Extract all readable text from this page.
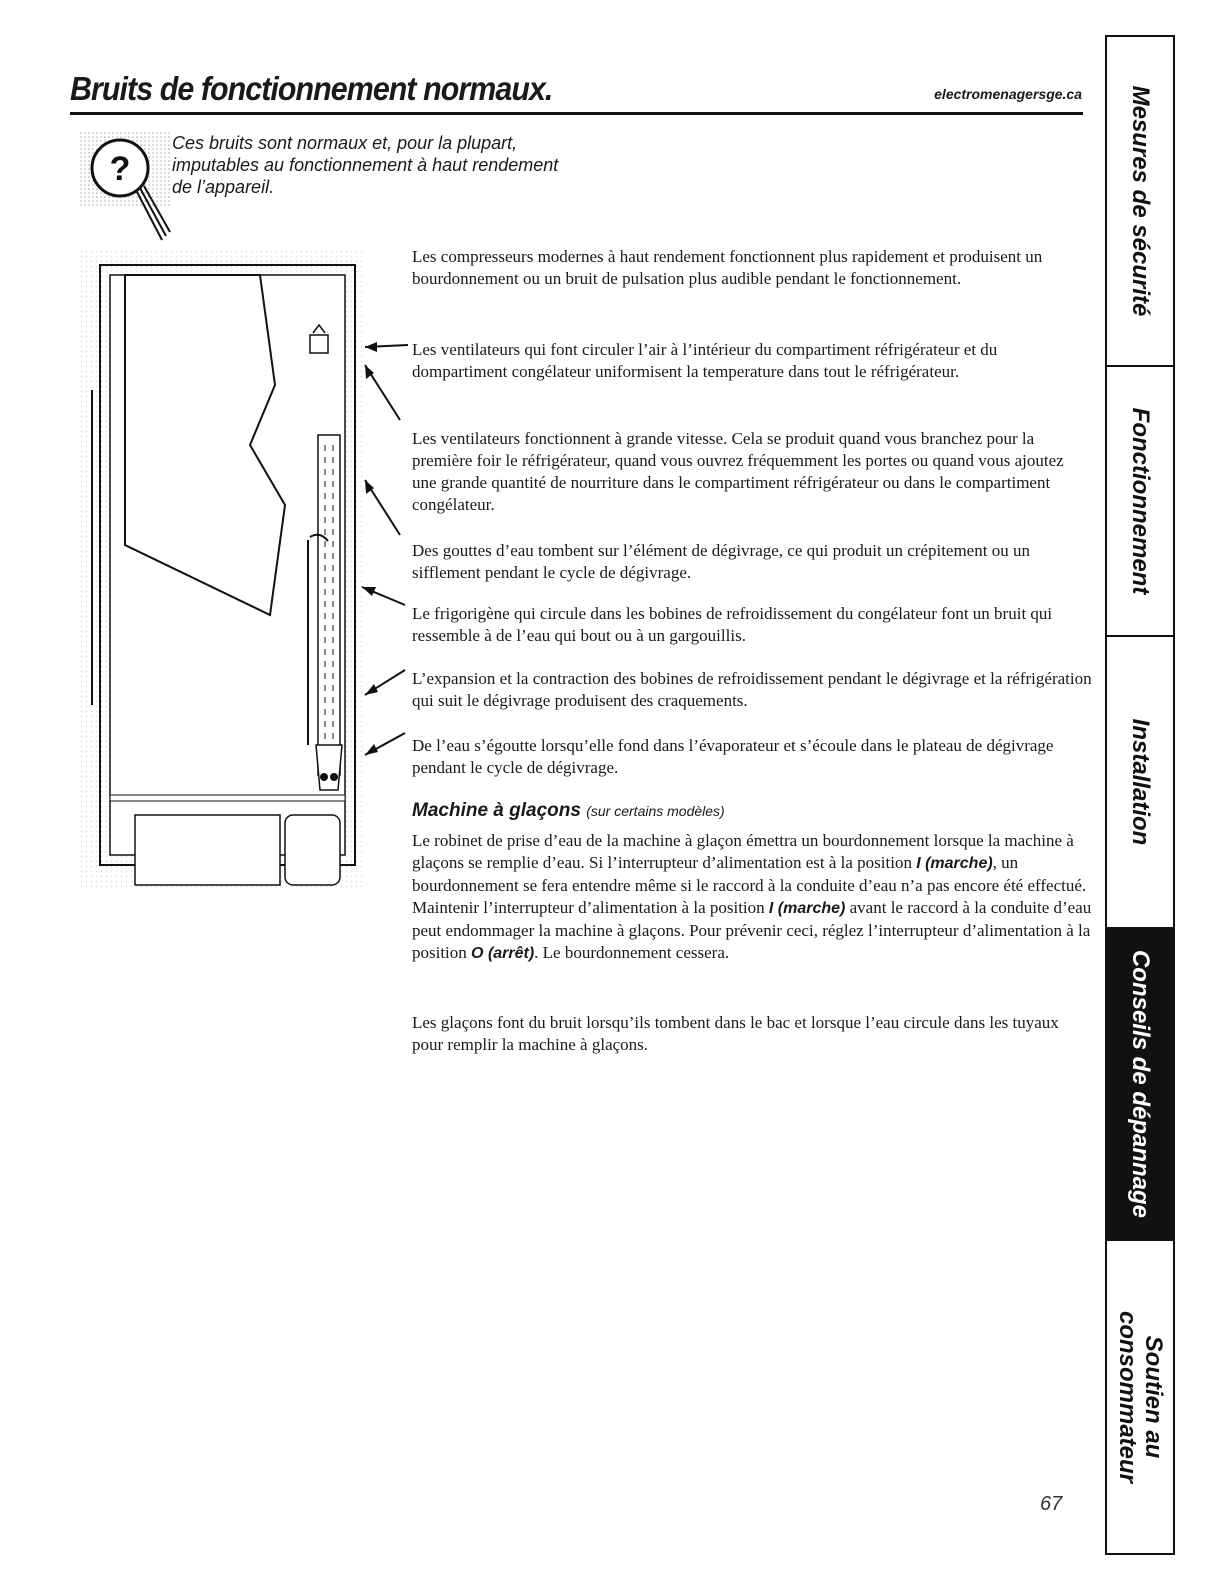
Bruits de fonctionnement normaux.	electromenagersge.ca
?
Ces bruits sont normaux et, pour la plupart,
imputables au fonctionnement à haut rendement
de l’appareil.

Les compresseurs modernes à haut rendement fonctionnent plus rapidement et produisent un bourdonnement ou un bruit de pulsation plus audible pendant le fonctionnement.

Les ventilateurs qui font circuler l’air à l’intérieur du compartiment réfrigérateur et du dompartiment congélateur uniformisent la temperature dans tout le réfrigérateur.

Les ventilateurs fonctionnent à grande vitesse. Cela se produit quand vous branchez pour la première foir le réfrigérateur, quand vous ouvrez fréquemment les portes ou quand vous ajoutez une grande quantité de nourriture dans le compartiment réfrigérateur ou dans le compartiment congélateur.

Des gouttes d’eau tombent sur l’élément de dégivrage, ce qui produit un crépitement ou un sifflement pendant le cycle de dégivrage.

Le frigorigène qui circule dans les bobines de refroidissement du congélateur font un bruit qui ressemble à de l’eau qui bout ou à un gargouillis.

L’expansion et la contraction des bobines de refroidissement pendant le dégivrage et la réfrigération qui suit le dégivrage produisent des craquements.

De l’eau s’égoutte lorsqu’elle fond dans l’évaporateur et s’écoule dans le plateau de dégivrage pendant le cycle de dégivrage.

Machine à glaçons (sur certains modèles)

Le robinet de prise d’eau de la machine à glaçon émettra un bourdonnement lorsque la machine à glaçons se remplie d’eau. Si l’interrupteur d’alimentation est à la position I (marche), un bourdonnement se fera entendre même si le raccord à la conduite d’eau n’a pas encore été effectué. Maintenir l’interrupteur d’alimentation à la position I (marche) avant le raccord à la conduite d’eau peut endommager la machine à glaçons. Pour prévenir ceci, réglez l’interrupteur d’alimentation à la position O (arrêt). Le bourdonnement cessera.

Les glaçons font du bruit lorsqu’ils tombent dans le bac et lorsque l’eau circule dans les tuyaux pour remplir la machine à glaçons.

Mesures de sécurité
Fonctionnement
Installation
Conseils de dépannage
Soutien au consommateur
67
